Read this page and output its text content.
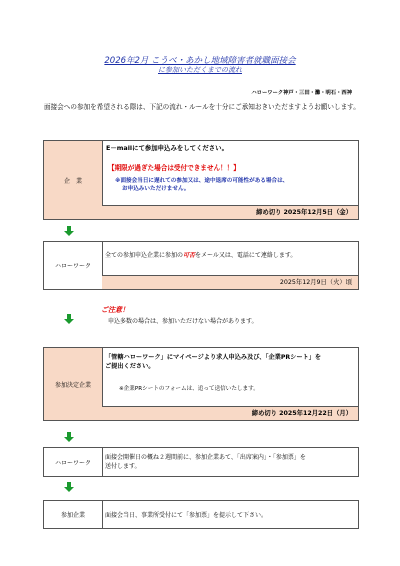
2026年2月 こうべ・あかし地域障害者就職面接会
に参加いただくまでの流れ
ハローワーク神戸・三田・灘・明石・西神
面接会への参加を希望される際は、下記の流れ・ルールを十分にご承知おきいただますようお願いします。
企　業
E－mailにて参加申込みをしてください。
【期限が過ぎた場合は受付できません！！】
※面接会当日に遅れての参加又は、途中退席の可能性がある場合は、
お申込みいただけません。
締め切り 2025年12月5日（金）
ハローワーク
全ての参加申込企業に参加の可否をメール又は、電話にて連絡します。
2025年12月9日（火）頃
ご注意！
申込多数の場合は、参加いただけない場合があります。
参加決定企業
「管轄ハローワーク」にマイページより求人申込み及び、「企業PRシート」を
ご提出ください。
※企業PRシートのフォームは、追って送信いたします。
締め切り 2025年12月22日（月）
ハローワーク
面接会開催日の概ね２週間前に、参加企業あて、「出席案内」・「参加票」を
送付します。
参加企業	面接会当日、事業所受付にて「参加票」を提示して下さい。
